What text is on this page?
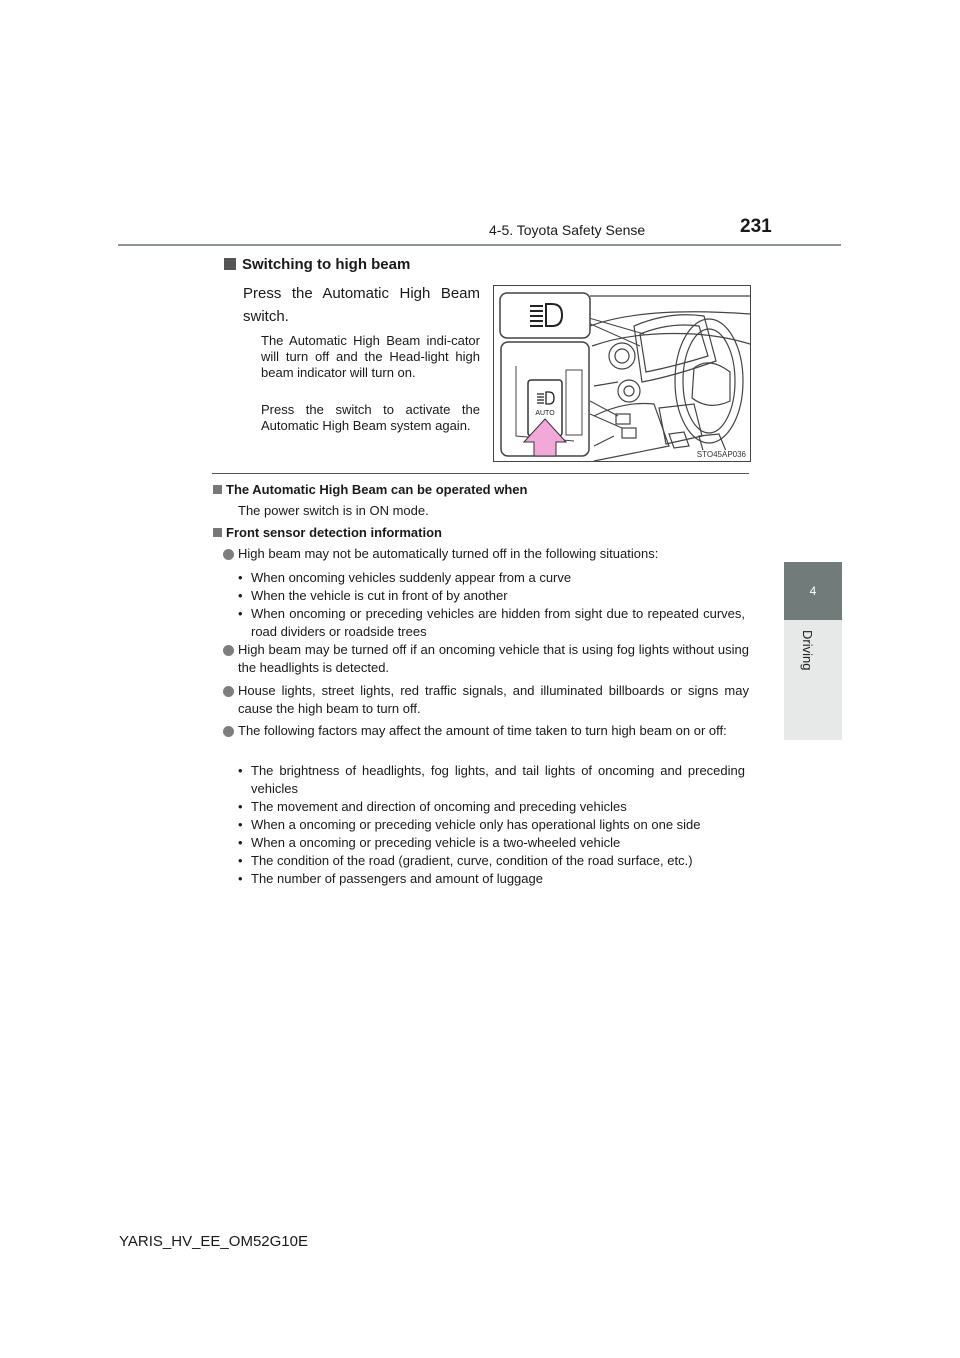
4-5. Toyota Safety Sense	231
4
Driving
Switching to high beam
Press the Automatic High Beam switch.
The Automatic High Beam indi-cator will turn off and the Head-light high beam indicator will turn on.
Press the switch to activate the Automatic High Beam system again.
AUTO
STO45AP036
The Automatic High Beam can be operated when
The power switch is in ON mode.
Front sensor detection information
High beam may not be automatically turned off in the following situations:
• When oncoming vehicles suddenly appear from a curve
• When the vehicle is cut in front of by another
• When oncoming or preceding vehicles are hidden from sight due to repeated curves, road dividers or roadside trees
High beam may be turned off if an oncoming vehicle that is using fog lights without using the headlights is detected.
House lights, street lights, red traffic signals, and illuminated billboards or signs may cause the high beam to turn off.
The following factors may affect the amount of time taken to turn high beam on or off:
• The brightness of headlights, fog lights, and tail lights of oncoming and preceding vehicles
• The movement and direction of oncoming and preceding vehicles
• When a oncoming or preceding vehicle only has operational lights on one side
• When a oncoming or preceding vehicle is a two-wheeled vehicle
• The condition of the road (gradient, curve, condition of the road surface, etc.)
• The number of passengers and amount of luggage
YARIS_HV_EE_OM52G10E
